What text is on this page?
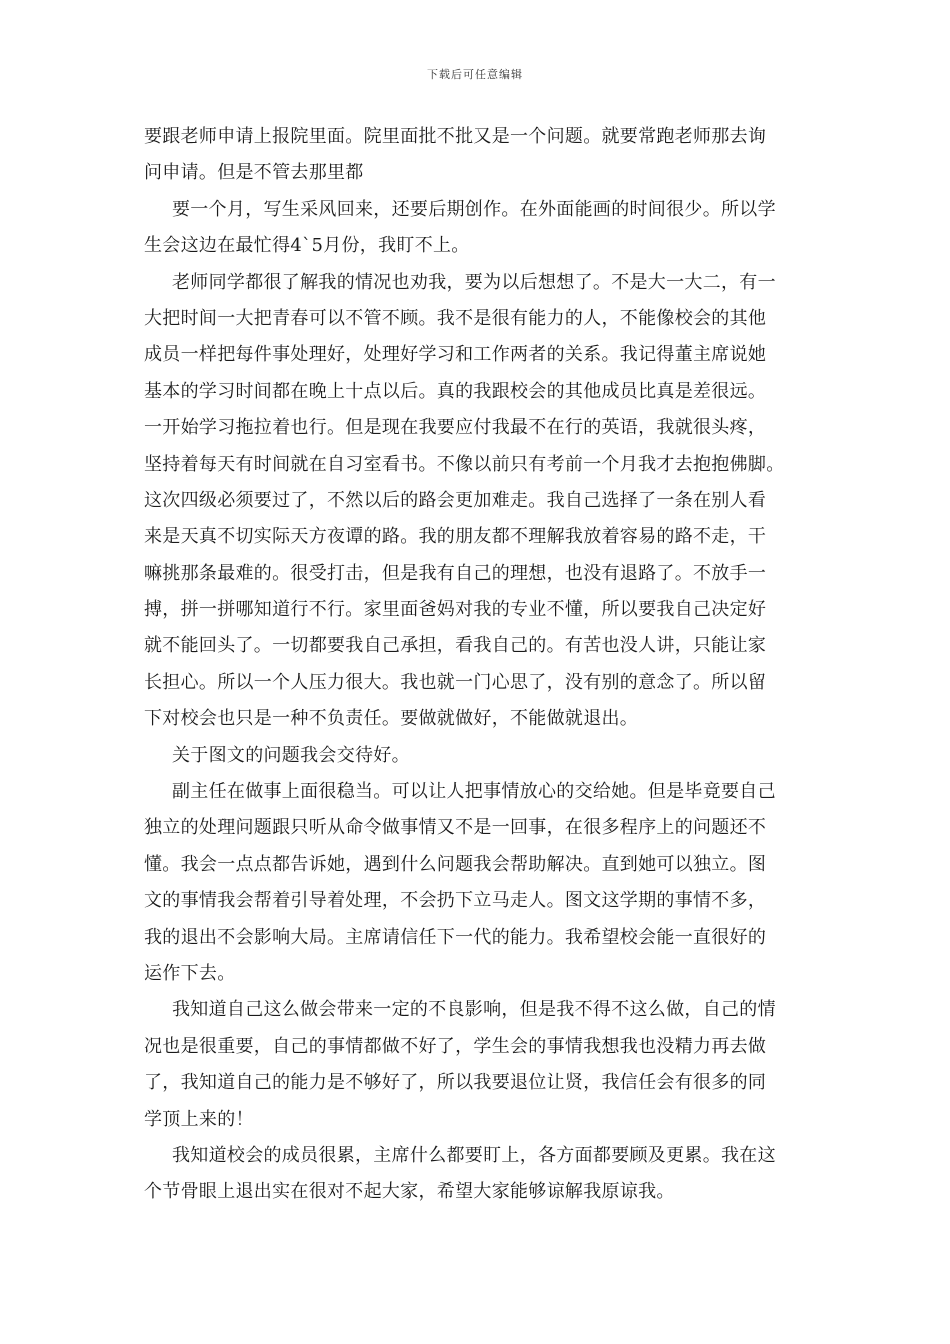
下载后可任意编辑
要跟老师申请上报院里面。院里面批不批又是一个问题。就要常跑老师那去询
问申请。但是不管去那里都
要一个月，写生采风回来，还要后期创作。在外面能画的时间很少。所以学
生会这边在最忙得4`5月份，我盯不上。
老师同学都很了解我的情况也劝我，要为以后想想了。不是大一大二，有一
大把时间一大把青春可以不管不顾。我不是很有能力的人，不能像校会的其他
成员一样把每件事处理好，处理好学习和工作两者的关系。我记得董主席说她
基本的学习时间都在晚上十点以后。真的我跟校会的其他成员比真是差很远。
一开始学习拖拉着也行。但是现在我要应付我最不在行的英语，我就很头疼，
坚持着每天有时间就在自习室看书。不像以前只有考前一个月我才去抱抱佛脚。
这次四级必须要过了，不然以后的路会更加难走。我自己选择了一条在别人看
来是天真不切实际天方夜谭的路。我的朋友都不理解我放着容易的路不走，干
嘛挑那条最难的。很受打击，但是我有自己的理想，也没有退路了。不放手一
搏，拼一拼哪知道行不行。家里面爸妈对我的专业不懂，所以要我自己决定好
就不能回头了。一切都要我自己承担，看我自己的。有苦也没人讲，只能让家
长担心。所以一个人压力很大。我也就一门心思了，没有别的意念了。所以留
下对校会也只是一种不负责任。要做就做好，不能做就退出。
关于图文的问题我会交待好。
副主任在做事上面很稳当。可以让人把事情放心的交给她。但是毕竟要自己
独立的处理问题跟只听从命令做事情又不是一回事，在很多程序上的问题还不
懂。我会一点点都告诉她，遇到什么问题我会帮助解决。直到她可以独立。图
文的事情我会帮着引导着处理，不会扔下立马走人。图文这学期的事情不多，
我的退出不会影响大局。主席请信任下一代的能力。我希望校会能一直很好的
运作下去。
我知道自己这么做会带来一定的不良影响，但是我不得不这么做，自己的情
况也是很重要，自己的事情都做不好了，学生会的事情我想我也没精力再去做
了，我知道自己的能力是不够好了，所以我要退位让贤，我信任会有很多的同
学顶上来的！
我知道校会的成员很累，主席什么都要盯上，各方面都要顾及更累。我在这
个节骨眼上退出实在很对不起大家，希望大家能够谅解我原谅我。
